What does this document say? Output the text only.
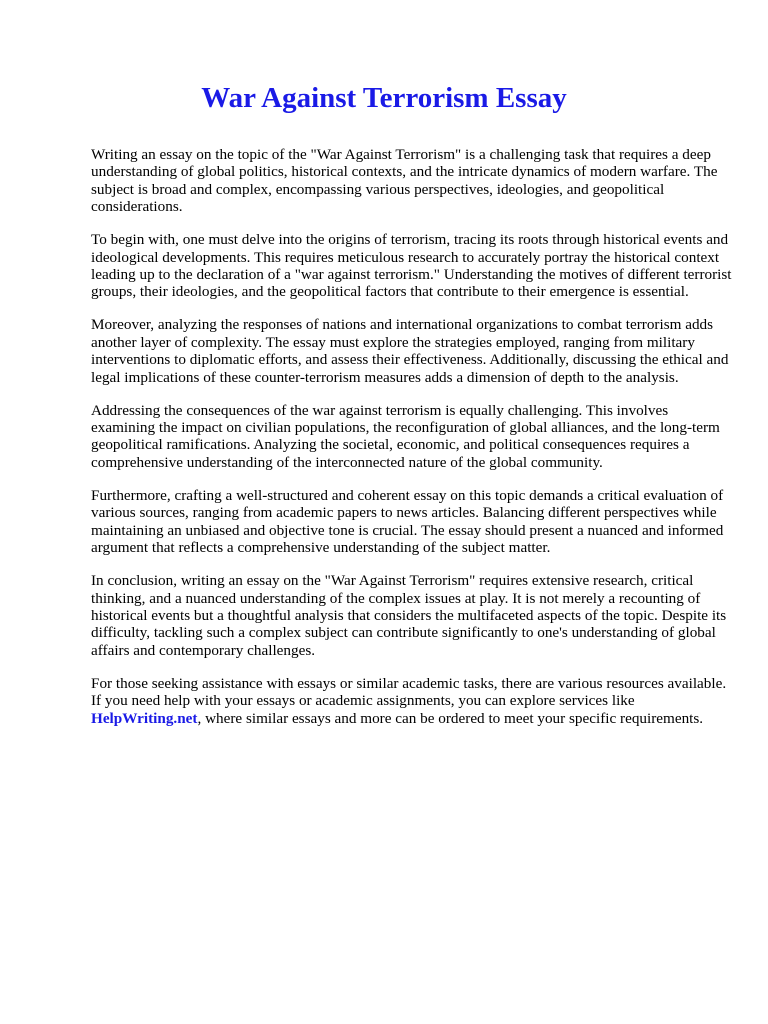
War Against Terrorism Essay

Writing an essay on the topic of the "War Against Terrorism" is a challenging task that requires a deep understanding of global politics, historical contexts, and the intricate dynamics of modern warfare. The subject is broad and complex, encompassing various perspectives, ideologies, and geopolitical considerations.

To begin with, one must delve into the origins of terrorism, tracing its roots through historical events and ideological developments. This requires meticulous research to accurately portray the historical context leading up to the declaration of a "war against terrorism." Understanding the motives of different terrorist groups, their ideologies, and the geopolitical factors that contribute to their emergence is essential.

Moreover, analyzing the responses of nations and international organizations to combat terrorism adds another layer of complexity. The essay must explore the strategies employed, ranging from military interventions to diplomatic efforts, and assess their effectiveness. Additionally, discussing the ethical and legal implications of these counter-terrorism measures adds a dimension of depth to the analysis.

Addressing the consequences of the war against terrorism is equally challenging. This involves examining the impact on civilian populations, the reconfiguration of global alliances, and the long-term geopolitical ramifications. Analyzing the societal, economic, and political consequences requires a comprehensive understanding of the interconnected nature of the global community.

Furthermore, crafting a well-structured and coherent essay on this topic demands a critical evaluation of various sources, ranging from academic papers to news articles. Balancing different perspectives while maintaining an unbiased and objective tone is crucial. The essay should present a nuanced and informed argument that reflects a comprehensive understanding of the subject matter.

In conclusion, writing an essay on the "War Against Terrorism" requires extensive research, critical thinking, and a nuanced understanding of the complex issues at play. It is not merely a recounting of historical events but a thoughtful analysis that considers the multifaceted aspects of the topic. Despite its difficulty, tackling such a complex subject can contribute significantly to one's understanding of global affairs and contemporary challenges.

For those seeking assistance with essays or similar academic tasks, there are various resources available. If you need help with your essays or academic assignments, you can explore services like HelpWriting.net, where similar essays and more can be ordered to meet your specific requirements.
